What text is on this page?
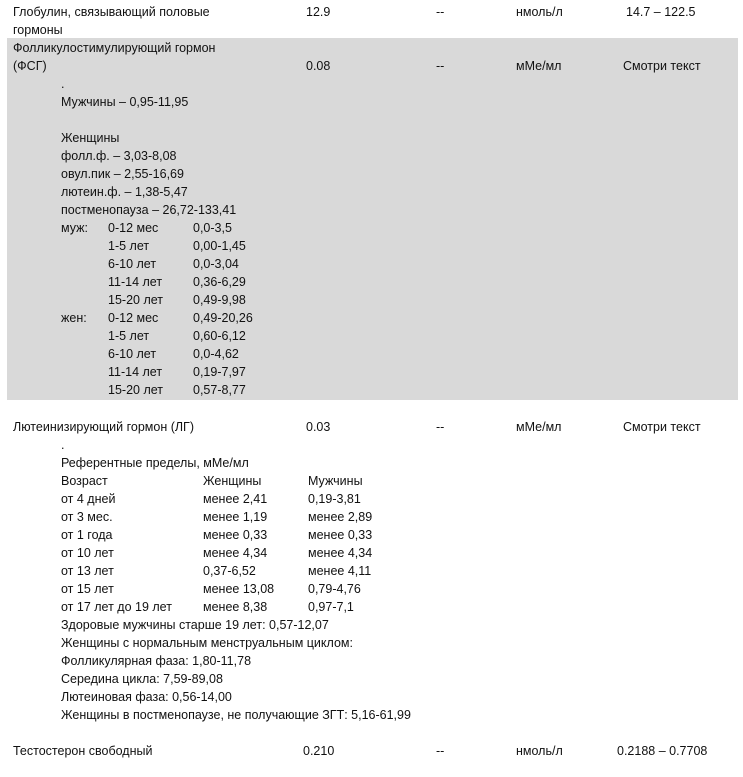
Глобулин, связывающий половые
гормоны
12.9	--	нмоль/л	14.7 – 122.5
Фолликулостимулирующий гормон
(ФСГ)	0.08	--	мМе/мл	Смотри текст
.
Мужчины – 0,95-11,95
Женщины
фолл.ф. – 3,03-8,08
овул.пик – 2,55-16,69
лютеин.ф. – 1,38-5,47
постменопауза – 26,72-133,41
муж: 0-12 мес	0,0-3,5
1-5 лет	0,00-1,45
6-10 лет	0,0-3,04
11-14 лет 0,36-6,29
15-20 лет 0,49-9,98
жен: 0-12 мес	0,49-20,26
1-5 лет	0,60-6,12
6-10 лет	0,0-4,62
11-14 лет 0,19-7,97
15-20 лет 0,57-8,77
Лютеинизирующий гормон (ЛГ)	0.03	--	мМе/мл	Смотри текст
.
Референтные пределы, мМе/мл
Возраст	Женщины	Мужчины
от 4 дней	менее 2,41	0,19-3,81
от 3 мес.	менее 1,19	менее 2,89
от 1 года	менее 0,33	менее 0,33
от 10 лет	менее 4,34	менее 4,34
от 13 лет	0,37-6,52	менее 4,11
от 15 лет	менее 13,08	0,79-4,76
от 17 лет до 19 лет менее 8,38	0,97-7,1
Здоровые мужчины старше 19 лет: 0,57-12,07
Женщины с нормальным менструальным циклом:
Фолликулярная фаза: 1,80-11,78
Середина цикла: 7,59-89,08
Лютеиновая фаза: 0,56-14,00
Женщины в постменопаузе, не получающие ЗГТ: 5,16-61,99
Тестостерон свободный	0.210	--	нмоль/л	0.2188 – 0.7708
